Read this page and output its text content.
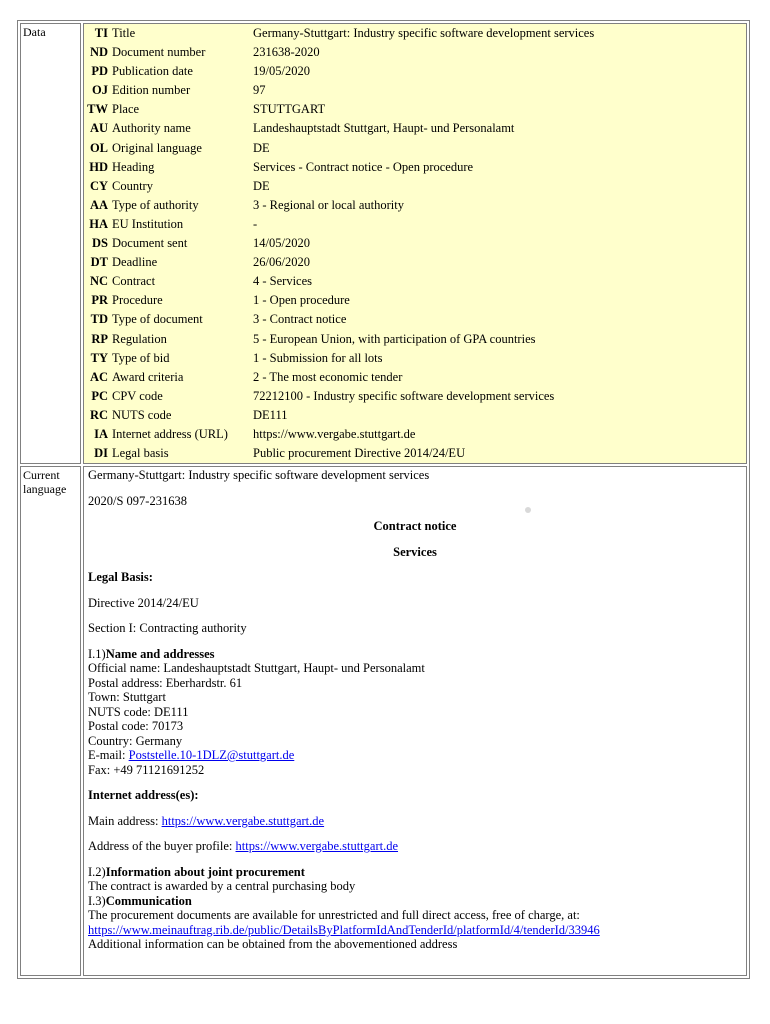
Data		TI	Title	Germany-Stuttgart: Industry specific software development services
ND	Document number	231638-2020
PD	Publication date	19/05/2020
OJ	Edition number	97
TW	Place	STUTTGART
AU	Authority name	Landeshauptstadt Stuttgart, Haupt- und Personalamt
OL	Original language	DE
HD	Heading	Services - Contract notice - Open procedure
CY	Country	DE
AA	Type of authority	3 - Regional or local authority
HA	EU Institution	-
DS	Document sent	14/05/2020
DT	Deadline	26/06/2020
NC	Contract	4 - Services
PR	Procedure	1 - Open procedure
TD	Type of document	3 - Contract notice
RP	Regulation	5 - European Union, with participation of GPA countries
TY	Type of bid	1 - Submission for all lots
AC	Award criteria	2 - The most economic tender
PC	CPV code	72212100 - Industry specific software development services
RC	NUTS code	DE111
IA	Internet address (URL)	https://www.vergabe.stuttgart.de
DI	Legal basis	Public procurement Directive 2014/24/EU

Current language	

Germany-Stuttgart: Industry specific software development services

2020/S 097-231638

Contract notice

Services

Legal Basis:

Directive 2014/24/EU

Section I: Contracting authority

I.1)Name and addresses

Official name: Landeshauptstadt Stuttgart, Haupt- und Personalamt

Postal address: Eberhardstr. 61

Town: Stuttgart

NUTS code: DE111

Postal code: 70173

Country: Germany

E-mail: Poststelle.10-1DLZ@stuttgart.de

Fax: +49 71121691252

Internet address(es):

Main address: https://www.vergabe.stuttgart.de

Address of the buyer profile: https://www.vergabe.stuttgart.de

I.2)Information about joint procurement

The contract is awarded by a central purchasing body

I.3)Communication

The procurement documents are available for unrestricted and full direct access, free of charge, at:

https://www.meinauftrag.rib.de/public/DetailsByPlatformIdAndTenderId/platformId/4/tenderId/33946

Additional information can be obtained from the abovementioned address
